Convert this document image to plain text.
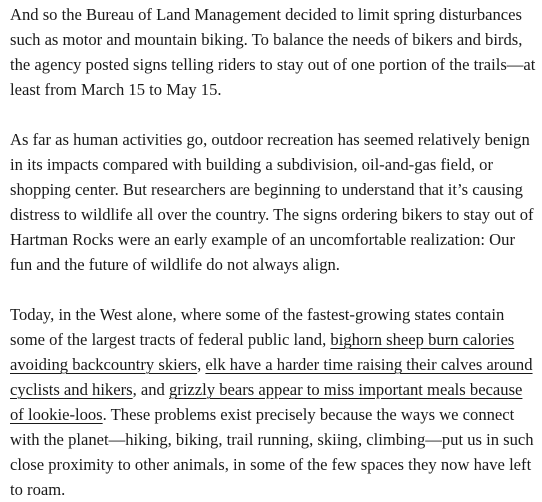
And so the Bureau of Land Management decided to limit spring disturbances such as motor and mountain biking. To balance the needs of bikers and birds, the agency posted signs telling riders to stay out of one portion of the trails—at least from March 15 to May 15.

As far as human activities go, outdoor recreation has seemed relatively benign in its impacts compared with building a subdivision, oil-and-gas field, or shopping center. But researchers are beginning to understand that it’s causing distress to wildlife all over the country. The signs ordering bikers to stay out of Hartman Rocks were an early example of an uncomfortable realization: Our fun and the future of wildlife do not always align.

Today, in the West alone, where some of the fastest-growing states contain some of the largest tracts of federal public land, bighorn sheep burn calories avoiding backcountry skiers, elk have a harder time raising their calves around cyclists and hikers, and grizzly bears appear to miss important meals because of lookie-loos. These problems exist precisely because the ways we connect with the planet—hiking, biking, trail running, skiing, climbing—put us in such close proximity to other animals, in some of the few spaces they now have left to roam.
